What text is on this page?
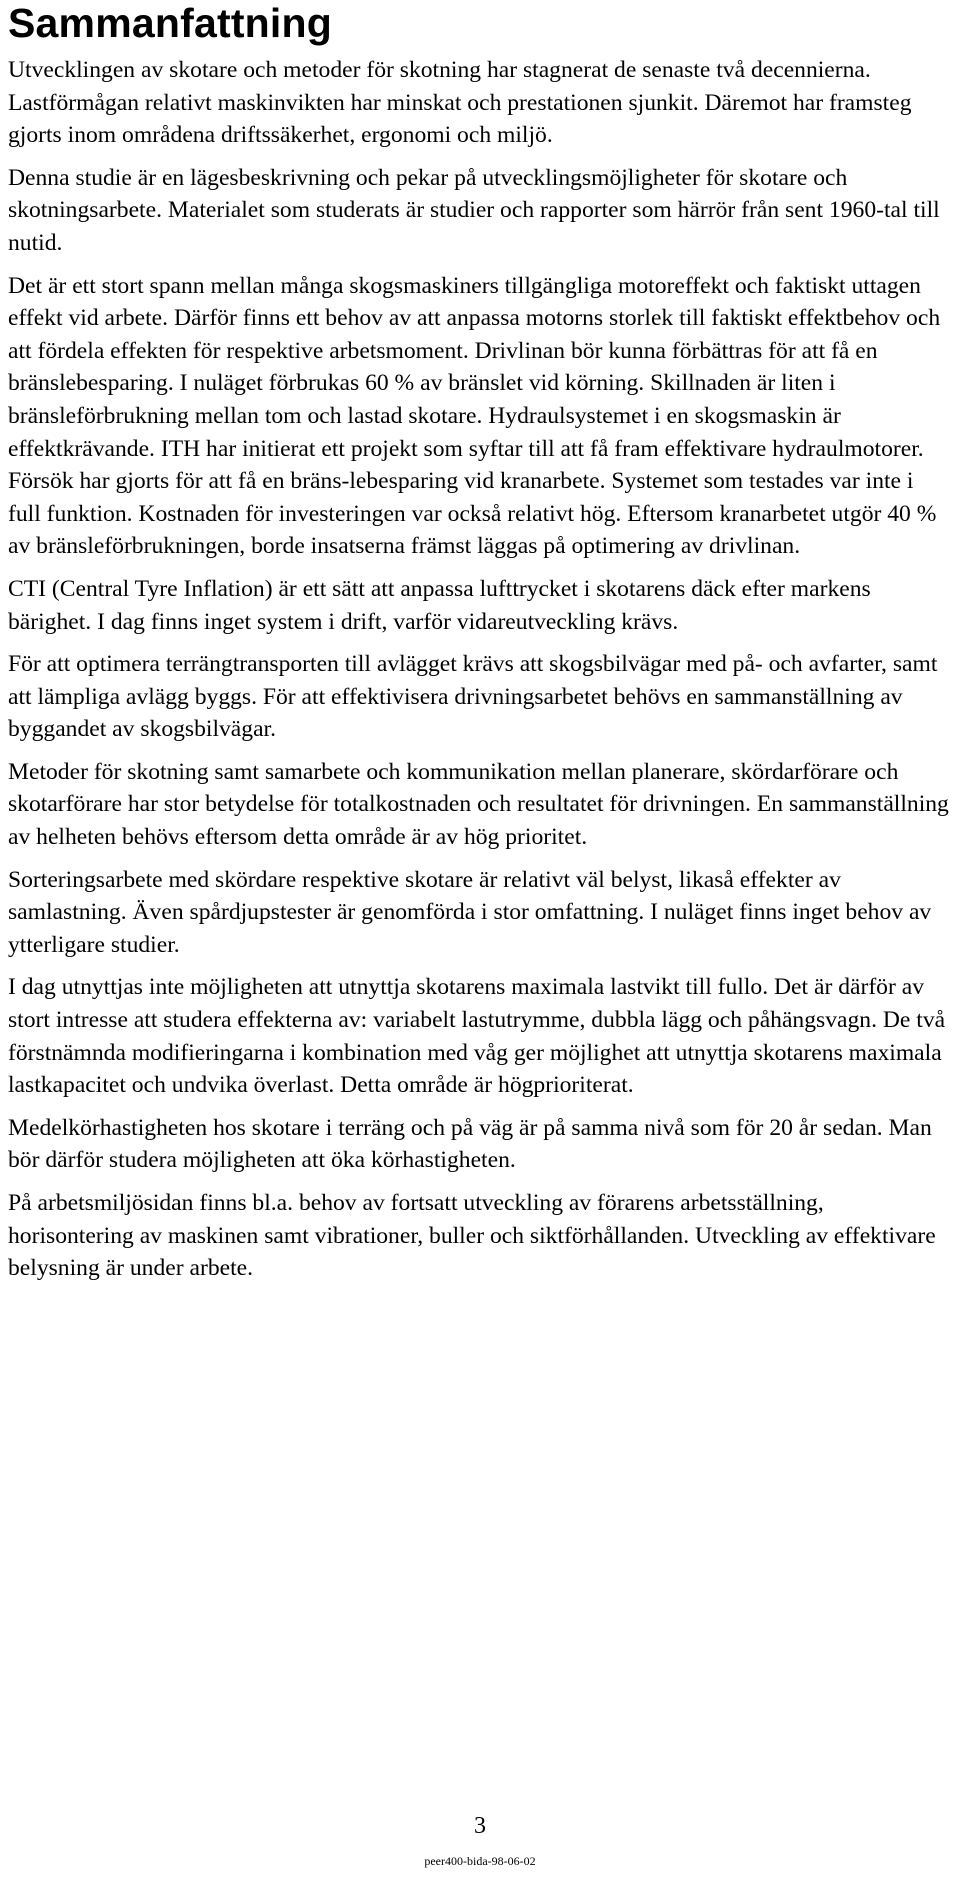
Sammanfattning

Utvecklingen av skotare och metoder för skotning har stagnerat de senaste två decennierna. Lastförmågan relativt maskinvikten har minskat och prestationen sjunkit. Däremot har framsteg gjorts inom områdena driftssäkerhet, ergonomi och miljö.

Denna studie är en lägesbeskrivning och pekar på utvecklingsmöjligheter för skotare och skotningsarbete. Materialet som studerats är studier och rapporter som härrör från sent 1960-tal till nutid.

Det är ett stort spann mellan många skogsmaskiners tillgängliga motoreffekt och faktiskt uttagen effekt vid arbete. Därför finns ett behov av att anpassa motorns storlek till faktiskt effektbehov och att fördela effekten för respektive arbetsmoment. Drivlinan bör kunna förbättras för att få en bränslebesparing. I nuläget förbrukas 60 % av bränslet vid körning. Skillnaden är liten i bränsleförbrukning mellan tom och lastad skotare. Hydraulsystemet i en skogsmaskin är effektkrävande. ITH har initierat ett projekt som syftar till att få fram effektivare hydraulmotorer. Försök har gjorts för att få en bräns-lebesparing vid kranarbete. Systemet som testades var inte i full funktion. Kostnaden för investeringen var också relativt hög. Eftersom kranarbetet utgör 40 % av bränsleförbrukningen, borde insatserna främst läggas på optimering av drivlinan.

CTI (Central Tyre Inflation) är ett sätt att anpassa lufttrycket i skotarens däck efter markens bärighet. I dag finns inget system i drift, varför vidareutveckling krävs.

För att optimera terrängtransporten till avlägget krävs att skogsbilvägar med på- och avfarter, samt att lämpliga avlägg byggs. För att effektivisera drivningsarbetet behövs en sammanställning av byggandet av skogsbilvägar.

Metoder för skotning samt samarbete och kommunikation mellan planerare, skördarförare och skotarförare har stor betydelse för totalkostnaden och resultatet för drivningen. En sammanställning av helheten behövs eftersom detta område är av hög prioritet.

Sorteringsarbete med skördare respektive skotare är relativt väl belyst, likaså effekter av samlastning. Även spårdjupstester är genomförda i stor omfattning. I nuläget finns inget behov av ytterligare studier.

I dag utnyttjas inte möjligheten att utnyttja skotarens maximala lastvikt till fullo. Det är därför av stort intresse att studera effekterna av: variabelt lastutrymme, dubbla lägg och påhängsvagn. De två förstnämnda modifieringarna i kombination med våg ger möjlighet att utnyttja skotarens maximala lastkapacitet och undvika överlast. Detta område är högprioriterat.

Medelkörhastigheten hos skotare i terräng och på väg är på samma nivå som för 20 år sedan. Man bör därför studera möjligheten att öka körhastigheten.

På arbetsmiljösidan finns bl.a. behov av fortsatt utveckling av förarens arbetsställning, horisontering av maskinen samt vibrationer, buller och siktförhållanden. Utveckling av effektivare belysning är under arbete.

3
peer400-bida-98-06-02
